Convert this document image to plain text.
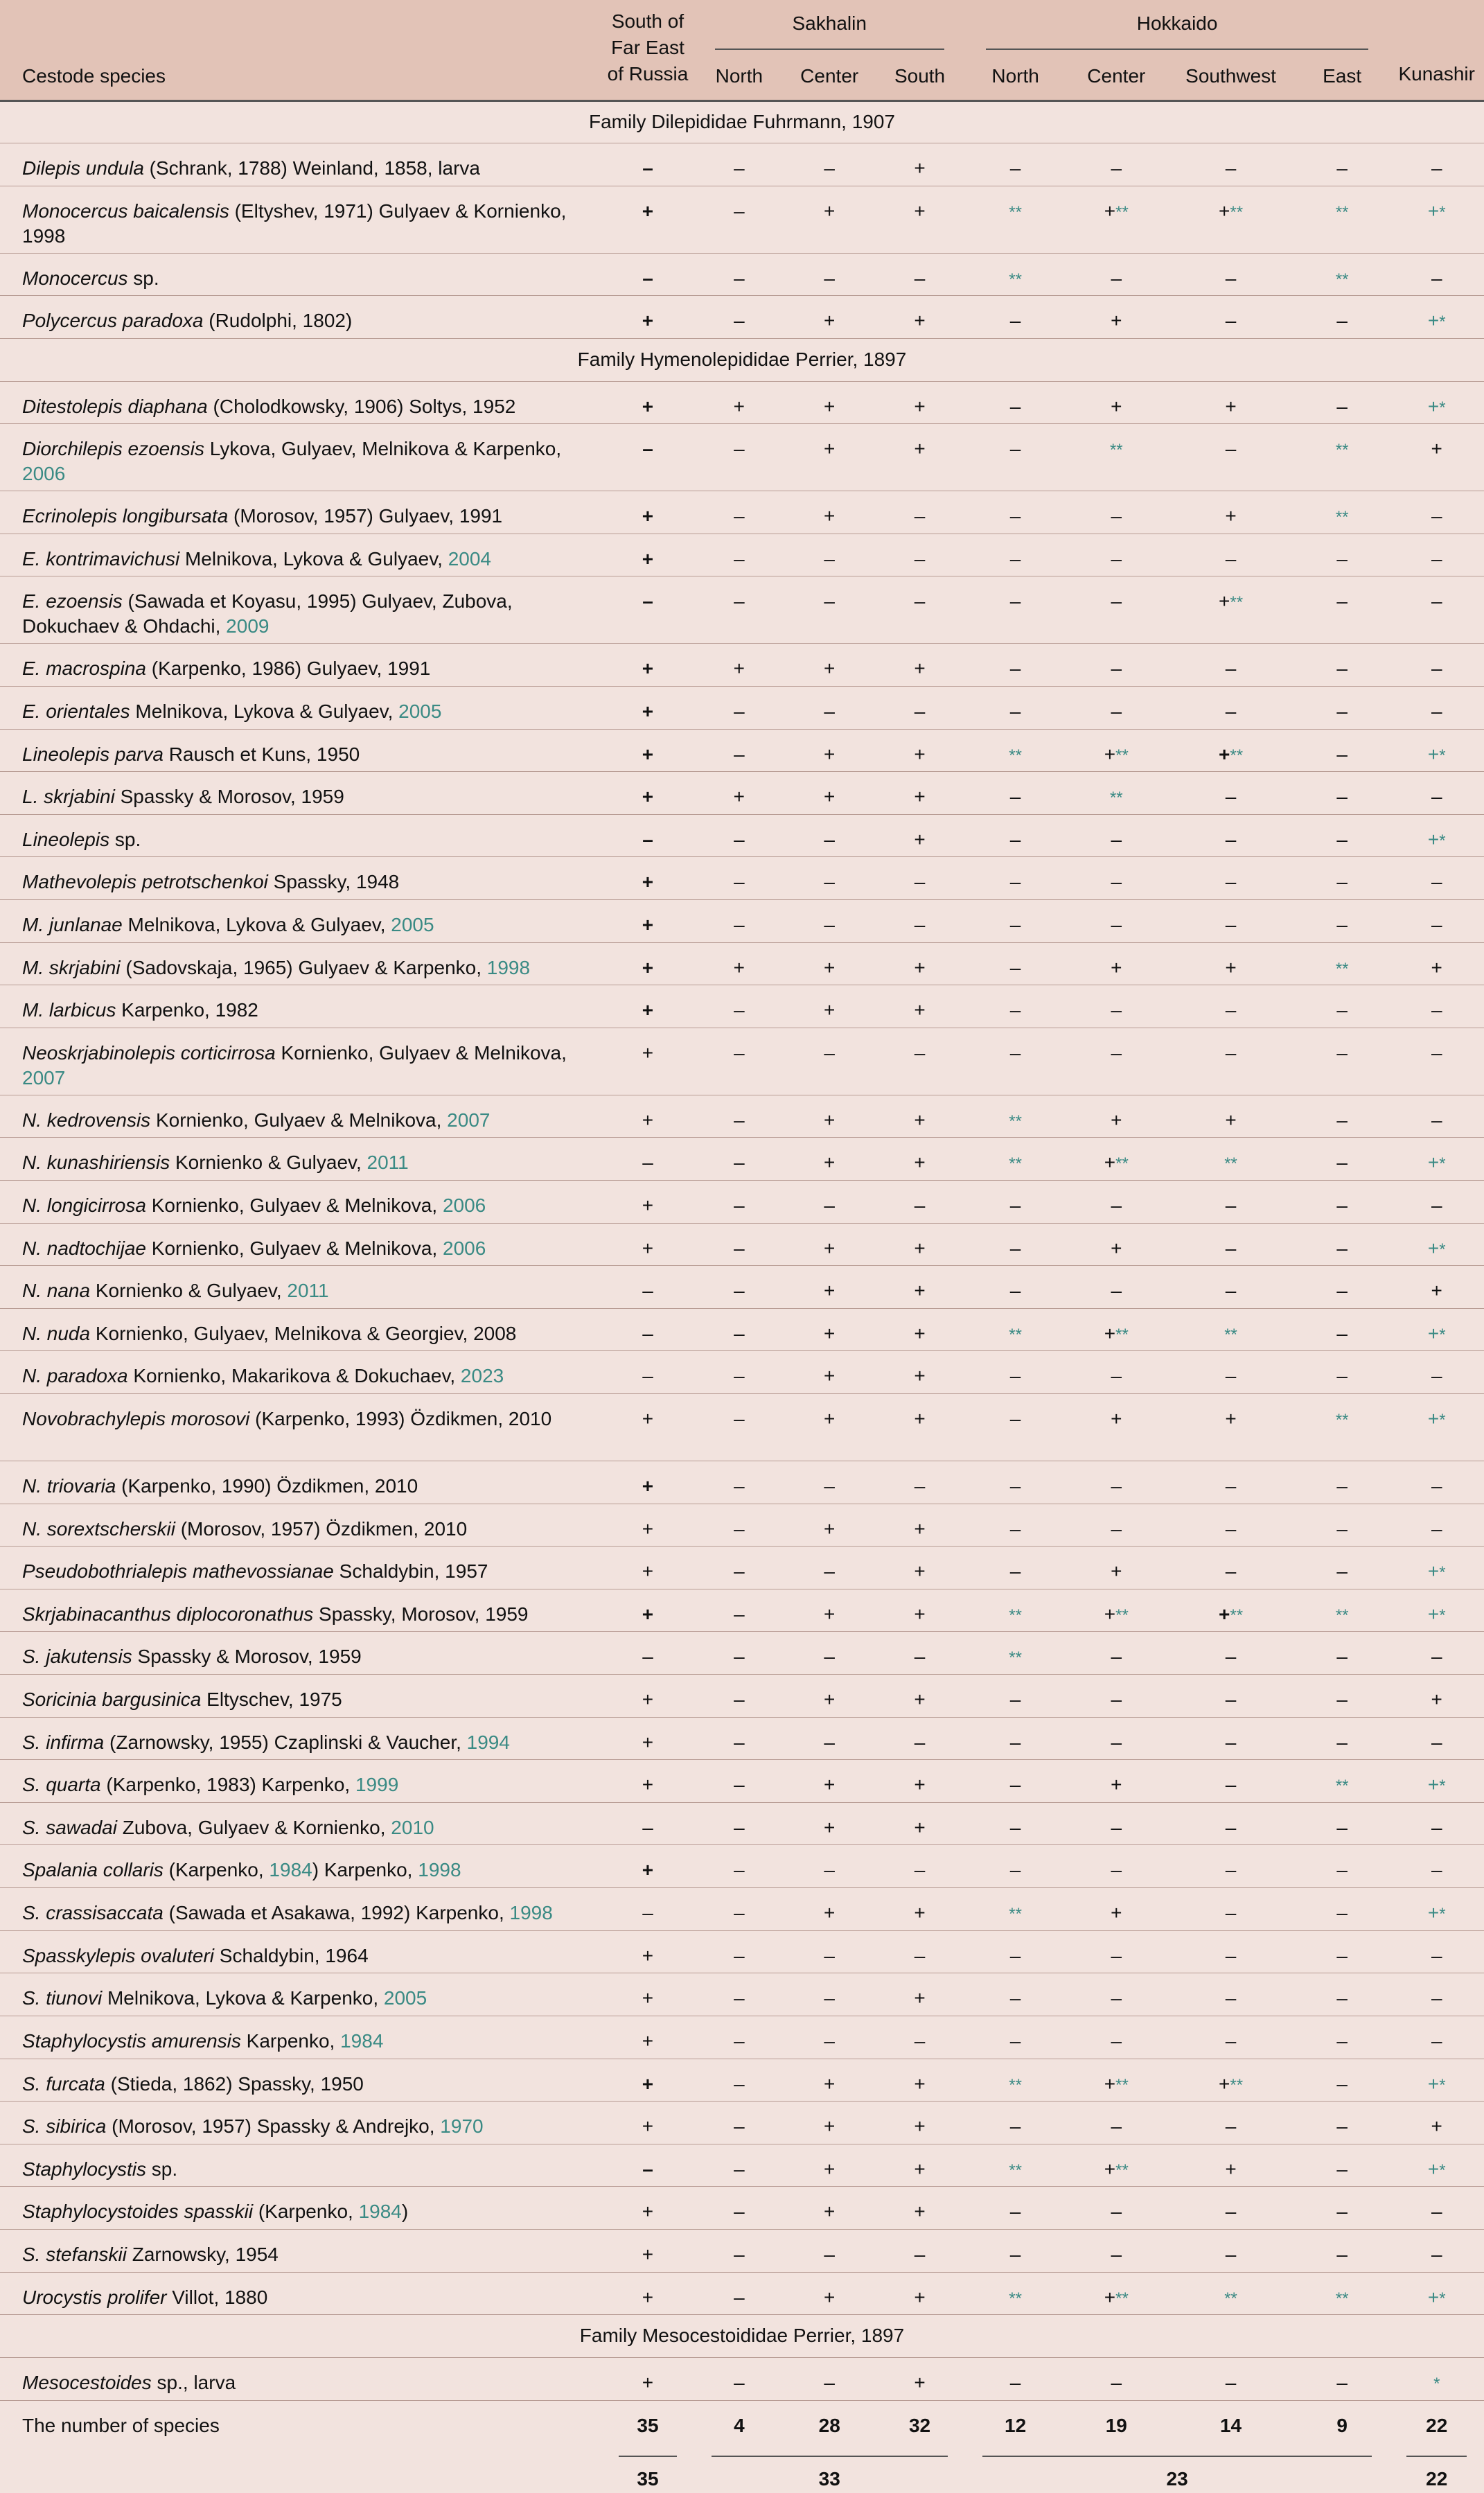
Cestode species	South of
Far East
of Russia	Sakhalin			Hokkaido				Kunashir
		North	Center	South	North	Center	Southwest	East	
Family Dilepididae Fuhrmann, 1907									
Dilepis undula (Schrank, 1788) Weinland, 1858, larva	–	–	–	+	–	–	–	–	–
Monocercus baicalensis (Eltyshev, 1971) Gulyaev & Kornienko, 1998	+	–	+	+	**	+**	+**	**	+*
Monocercus sp.	–	–	–	–	**	–	–	**	–
Polycercus paradoxa (Rudolphi, 1802)	+	–	+	+	–	+	–	–	+*
Family Hymenolepididae Perrier, 1897									
Ditestolepis diaphana (Cholodkowsky, 1906) Soltys, 1952	+	+	+	+	–	+	+	–	+*
Diorchilepis ezoensis Lykova, Gulyaev, Melnikova & Karpenko, 2006	–	–	+	+	–	**	–	**	+
Ecrinolepis longibursata (Morosov, 1957) Gulyaev, 1991	+	–	+	–	–	–	+	**	–
E. kontrimavichusi Melnikova, Lykova & Gulyaev, 2004	+	–	–	–	–	–	–	–	–
E. ezoensis (Sawada et Koyasu, 1995) Gulyaev, Zubova, Dokuchaev & Ohdachi, 2009	–	–	–	–	–	–	+**	–	–
E. macrospina (Karpenko, 1986) Gulyaev, 1991	+	+	+	+	–	–	–	–	–
E. orientales Melnikova, Lykova & Gulyaev, 2005	+	–	–	–	–	–	–	–	–
Lineolepis parva Rausch et Kuns, 1950	+	–	+	+	**	+**	+**	–	+*
L. skrjabini Spassky & Morosov, 1959	+	+	+	+	–	**	–	–	–
Lineolepis sp.	–	–	–	+	–	–	–	–	+*
Mathevolepis petrotschenkoi Spassky, 1948	+	–	–	–	–	–	–	–	–
M. junlanae Melnikova, Lykova & Gulyaev, 2005	+	–	–	–	–	–	–	–	–
M. skrjabini (Sadovskaja, 1965) Gulyaev & Karpenko, 1998	+	+	+	+	–	+	+	**	+
M. larbicus Karpenko, 1982	+	–	+	+	–	–	–	–	–
Neoskrjabinolepis corticirrosa Kornienko, Gulyaev & Melnikova, 2007	+	–	–	–	–	–	–	–	–
N. kedrovensis Kornienko, Gulyaev & Melnikova, 2007	+	–	+	+	**	+	+	–	–
N. kunashiriensis Kornienko & Gulyaev, 2011	–	–	+	+	**	+**	**	–	+*
N. longicirrosa Kornienko, Gulyaev & Melnikova, 2006	+	–	–	–	–	–	–	–	–
N. nadtochijae Kornienko, Gulyaev & Melnikova, 2006	+	–	+	+	–	+	–	–	+*
N. nana Kornienko & Gulyaev, 2011	–	–	+	+	–	–	–	–	+
N. nuda Kornienko, Gulyaev, Melnikova & Georgiev, 2008	–	–	+	+	**	+**	**	–	+*
N. paradoxa Kornienko, Makarikova & Dokuchaev, 2023	–	–	+	+	–	–	–	–	–
Novobrachylepis morosovi (Karpenko, 1993) Özdikmen, 2010	+	–	+	+	–	+	+	**	+*
N. triovaria (Karpenko, 1990) Özdikmen, 2010	+	–	–	–	–	–	–	–	–
N. sorextscherskii (Morosov, 1957) Özdikmen, 2010	+	–	+	+	–	–	–	–	–
Pseudobothrialepis mathevossianae Schaldybin, 1957	+	–	–	+	–	+	–	–	+*
Skrjabinacanthus diplocoronathus Spassky, Morosov, 1959	+	–	+	+	**	+**	+**	**	+*
S. jakutensis Spassky & Morosov, 1959	–	–	–	–	**	–	–	–	–
Soricinia bargusinica Eltyschev, 1975	+	–	+	+	–	–	–	–	+
S. infirma (Zarnowsky, 1955) Czaplinski & Vaucher, 1994	+	–	–	–	–	–	–	–	–
S. quarta (Karpenko, 1983) Karpenko, 1999	+	–	+	+	–	+	–	**	+*
S. sawadai Zubova, Gulyaev & Kornienko, 2010	–	–	+	+	–	–	–	–	–
Spalania collaris (Karpenko, 1984) Karpenko, 1998	+	–	–	–	–	–	–	–	–
S. crassisaccata (Sawada et Asakawa, 1992) Karpenko, 1998	–	–	+	+	**	+	–	–	+*
Spasskylepis ovaluteri Schaldybin, 1964	+	–	–	–	–	–	–	–	–
S. tiunovi Melnikova, Lykova & Karpenko, 2005	+	–	–	+	–	–	–	–	–
Staphylocystis amurensis Karpenko, 1984	+	–	–	–	–	–	–	–	–
S. furcata (Stieda, 1862) Spassky, 1950	+	–	+	+	**	+**	+**	–	+*
S. sibirica (Morosov, 1957) Spassky & Andrejko, 1970	+	–	+	+	–	–	–	–	+
Staphylocystis sp.	–	–	+	+	**	+**	+	–	+*
Staphylocystoides spasskii (Karpenko, 1984)	+	–	+	+	–	–	–	–	–
S. stefanskii Zarnowsky, 1954	+	–	–	–	–	–	–	–	–
Urocystis prolifer Villot, 1880	+	–	+	+	**	+**	**	**	+*
Family Mesocestoididae Perrier, 1897									
Mesocestoides sp., larva	+	–	–	+	–	–	–	–	*
The number of species	35	4	28	32	12	19	14	9	22

	35	33			23				22
